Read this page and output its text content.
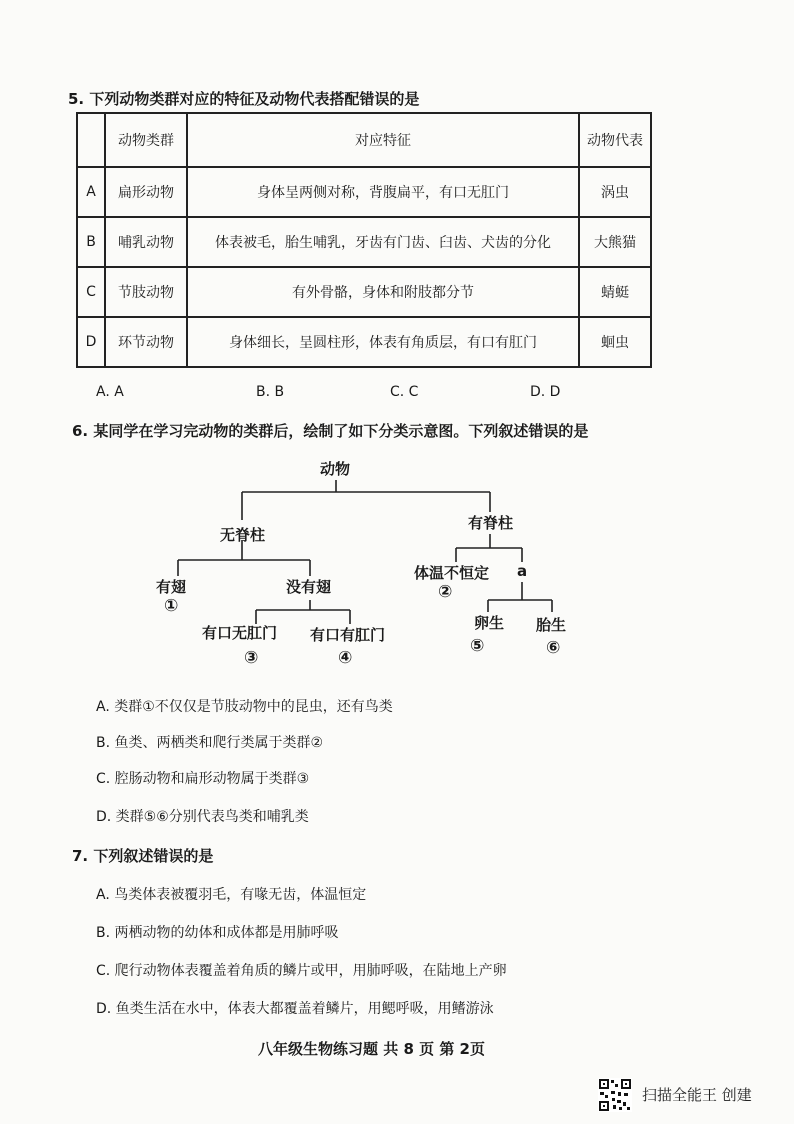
5. 下列动物类群对应的特征及动物代表搭配错误的是
	动物类群	对应特征	动物代表
A	扁形动物	身体呈两侧对称，背腹扁平，有口无肛门	涡虫
B	哺乳动物	体表被毛，胎生哺乳，牙齿有门齿、臼齿、犬齿的分化	大熊猫
C	节肢动物	有外骨骼，身体和附肢都分节	蜻蜓
D	环节动物	身体细长，呈圆柱形，体表有角质层，有口有肛门	蛔虫
A. A	B. B	C. C	D. D
6. 某同学在学习完动物的类群后，绘制了如下分类示意图。下列叙述错误的是
动物
无脊柱
有脊柱
有翅
①
没有翅
有口无肛门
③
有口有肛门
④
体温不恒定
②
a
卵生
⑤
胎生
⑥
A. 类群①不仅仅是节肢动物中的昆虫，还有鸟类
B. 鱼类、两栖类和爬行类属于类群②
C. 腔肠动物和扁形动物属于类群③
D. 类群⑤⑥分别代表鸟类和哺乳类
7. 下列叙述错误的是
A. 鸟类体表被覆羽毛，有喙无齿，体温恒定
B. 两栖动物的幼体和成体都是用肺呼吸
C. 爬行动物体表覆盖着角质的鳞片或甲，用肺呼吸，在陆地上产卵
D. 鱼类生活在水中，体表大都覆盖着鳞片，用鳃呼吸，用鳍游泳
八年级生物练习题 共 8 页 第 2页
扫描全能王 创建
